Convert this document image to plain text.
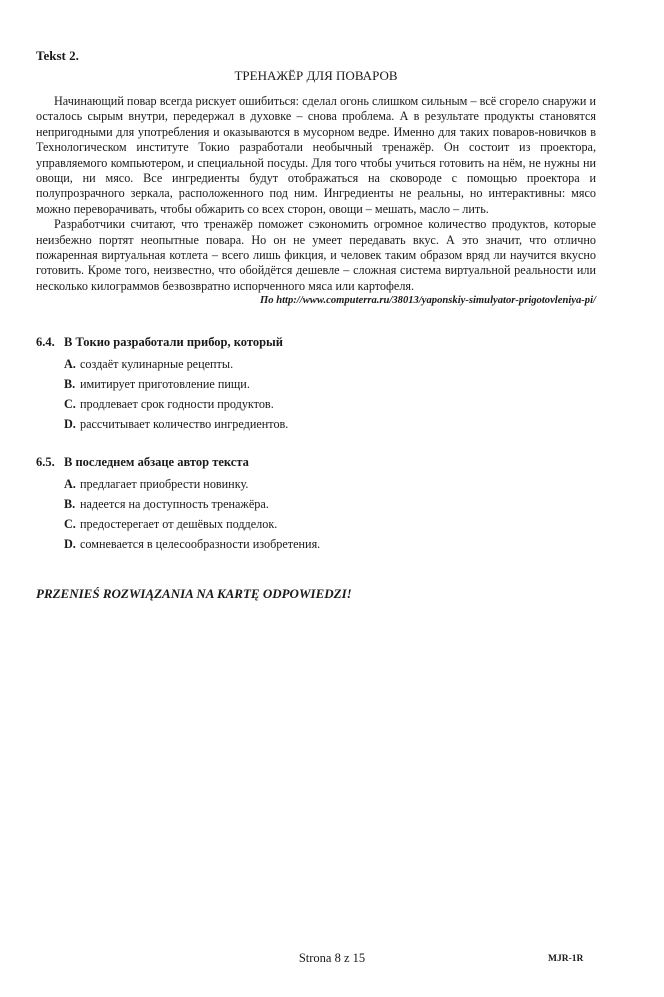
Tekst 2.

ТРЕНАЖЁР ДЛЯ ПОВАРОВ

Начинающий повар всегда рискует ошибиться: сделал огонь слишком сильным – всё сгорело снаружи и осталось сырым внутри, передержал в духовке – снова проблема. А в результате продукты становятся непригодными для употребления и оказываются в мусорном ведре. Именно для таких поваров-новичков в Технологическом институте Токио разработали необычный тренажёр. Он состоит из проектора, управляемого компьютером, и специальной посуды. Для того чтобы учиться готовить на нём, не нужны ни овощи, ни мясо. Все ингредиенты будут отображаться на сковороде с помощью проектора и полупрозрачного зеркала, расположенного под ним. Ингредиенты не реальны, но интерактивны: мясо можно переворачивать, чтобы обжарить со всех сторон, овощи – мешать, масло – лить.

Разработчики считают, что тренажёр поможет сэкономить огромное количество продуктов, которые неизбежно портят неопытные повара. Но он не умеет передавать вкус. А это значит, что отлично пожаренная виртуальная котлета – всего лишь фикция, и человек таким образом вряд ли научится вкусно готовить. Кроме того, неизвестно, что обойдётся дешевле – сложная система виртуальной реальности или несколько килограммов безвозвратно испорченного мяса или картофеля.

По http://www.computerra.ru/38013/yaponskiy-simulyator-prigotovleniya-pi/

6.4. В Токио разработали прибор, который

A. создаёт кулинарные рецепты.

B. имитирует приготовление пищи.

C. продлевает срок годности продуктов.

D. рассчитывает количество ингредиентов.

6.5. В последнем абзаце автор текста

A. предлагает приобрести новинку.

B. надеется на доступность тренажёра.

C. предостерегает от дешёвых подделок.

D. сомневается в целесообразности изобретения.

PRZENIEŚ ROZWIĄZANIA NA KARTĘ ODPOWIEDZI!

Strona 8 z 15	MJR-1R
